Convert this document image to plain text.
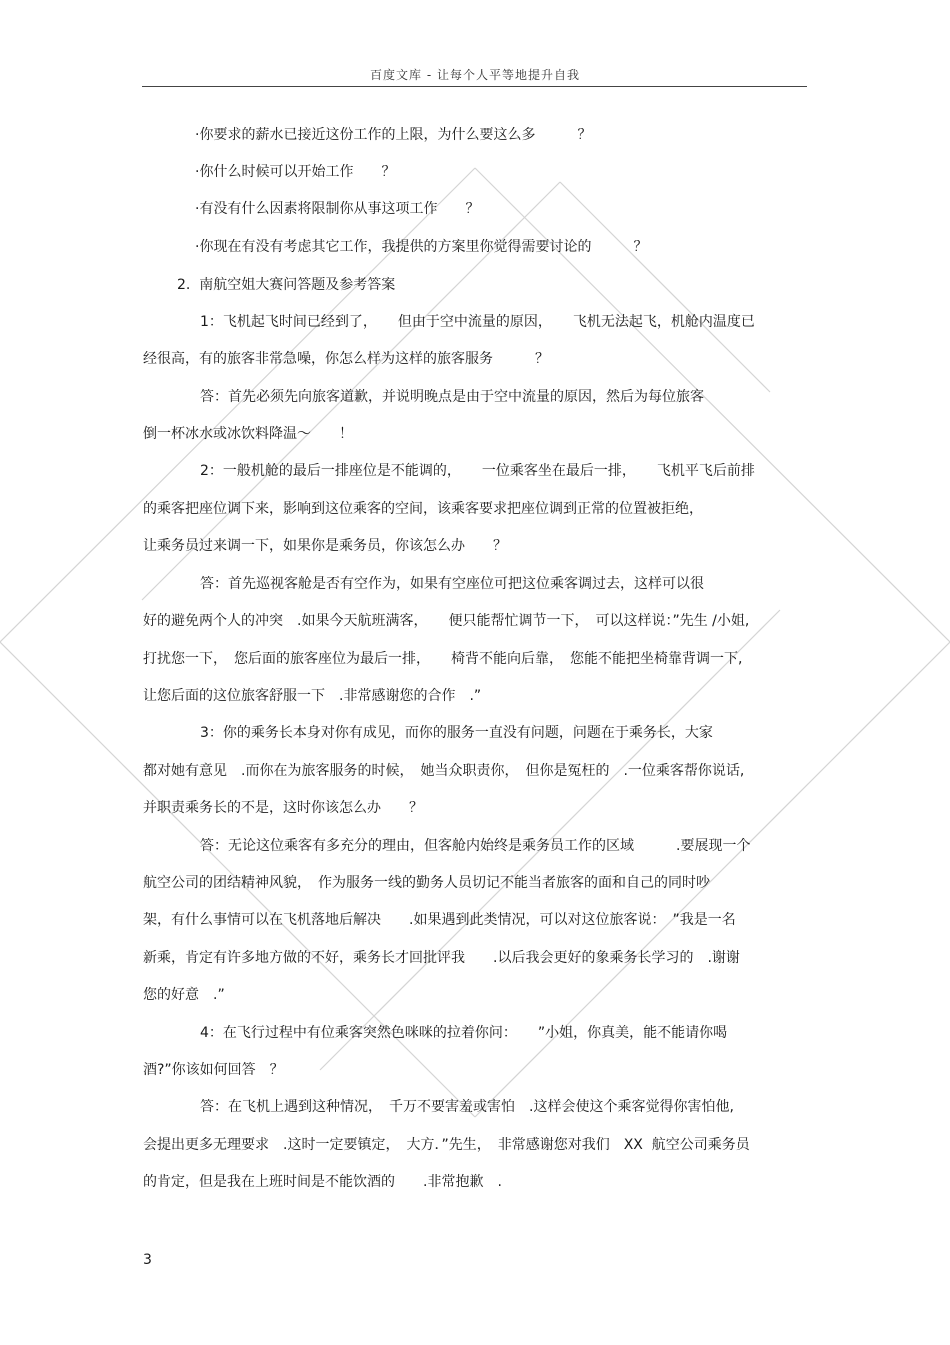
百度文库 - 让每个人平等地提升自我
·你要求的薪水已接近这份工作的上限，为什么要这么多　　　？
·你什么时候可以开始工作　　？
·有没有什么因素将限制你从事这项工作　　？
·你现在有没有考虑其它工作，我提供的方案里你觉得需要讨论的　　　？
2.  南航空姐大赛问答题及参考答案
1：飞机起飞时间已经到了，　　但由于空中流量的原因，　　飞机无法起飞，机舱内温度已
经很高，有的旅客非常急噪，你怎么样为这样的旅客服务　　　？
答：首先必须先向旅客道歉，并说明晚点是由于空中流量的原因，然后为每位旅客
倒一杯冰水或冰饮料降温～　　！
2：一般机舱的最后一排座位是不能调的，　　一位乘客坐在最后一排，　　飞机平飞后前排
的乘客把座位调下来，影响到这位乘客的空间，该乘客要求把座位调到正常的位置被拒绝，
让乘务员过来调一下，如果你是乘务员，你该怎么办　　？
答：首先巡视客舱是否有空作为，如果有空座位可把这位乘客调过去，这样可以很
好的避免两个人的冲突　.如果今天航班满客，　　便只能帮忙调节一下，　可以这样说：”先生 /小姐,
打扰您一下，　您后面的旅客座位为最后一排，　　椅背不能向后靠，　您能不能把坐椅靠背调一下,
让您后面的这位旅客舒服一下　.非常感谢您的合作　.”
3：你的乘务长本身对你有成见，而你的服务一直没有问题，问题在于乘务长，大家
都对她有意见　.而你在为旅客服务的时候，　她当众职责你，　但你是冤枉的　.一位乘客帮你说话,
并职责乘务长的不是，这时你该怎么办　　？
答：无论这位乘客有多充分的理由，但客舱内始终是乘务员工作的区域　　　.要展现一个
航空公司的团结精神风貌，　作为服务一线的勤务人员切记不能当者旅客的面和自己的同时吵
架，有什么事情可以在飞机落地后解决　　.如果遇到此类情况，可以对这位旅客说：　”我是一名
新乘，肯定有许多地方做的不好，乘务长才回批评我　　.以后我会更好的象乘务长学习的　.谢谢
您的好意　.”
4：在飞行过程中有位乘客突然色咪咪的拉着你问：　　”小姐，你真美，能不能请你喝
酒?”你该如何回答　？
答：在飞机上遇到这种情况，　千万不要害羞或害怕　.这样会使这个乘客觉得你害怕他,
会提出更多无理要求　.这时一定要镇定，　大方．”先生，　非常感谢您对我们　XX  航空公司乘务员
的肯定，但是我在上班时间是不能饮酒的　　.非常抱歉　.
3
